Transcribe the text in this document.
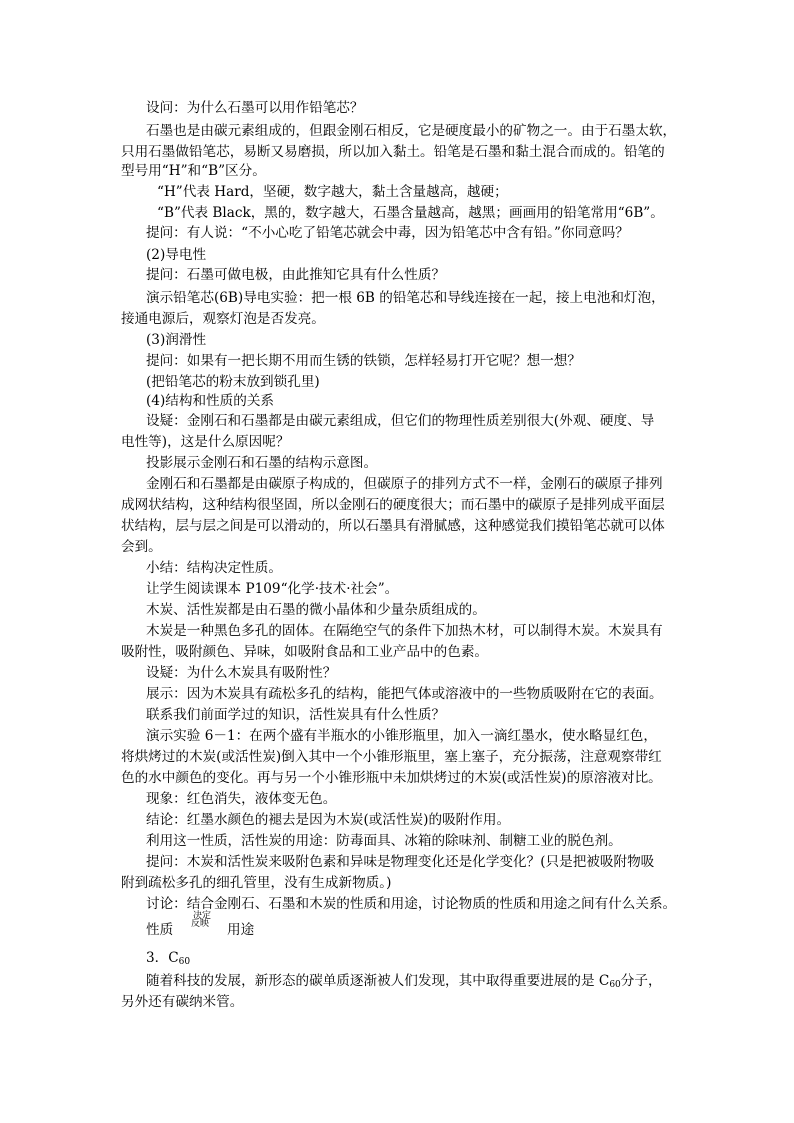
设问：为什么石墨可以用作铅笔芯？
石墨也是由碳元素组成的，但跟金刚石相反，它是硬度最小的矿物之一。由于石墨太软，
只用石墨做铅笔芯，易断又易磨损，所以加入黏土。铅笔是石墨和黏土混合而成的。铅笔的
型号用“H”和“B”区分。
“H”代表 Hard，坚硬，数字越大，黏土含量越高，越硬；
“B”代表 Black，黑的，数字越大，石墨含量越高，越黑；画画用的铅笔常用“6B”。
提问：有人说：“不小心吃了铅笔芯就会中毒，因为铅笔芯中含有铅。”你同意吗？
(2)导电性
提问：石墨可做电极，由此推知它具有什么性质？
演示铅笔芯(6B)导电实验：把一根 6B 的铅笔芯和导线连接在一起，接上电池和灯泡，
接通电源后，观察灯泡是否发亮。
(3)润滑性
提问：如果有一把长期不用而生锈的铁锁，怎样轻易打开它呢？想一想？
(把铅笔芯的粉末放到锁孔里)
(4)结构和性质的关系
设疑：金刚石和石墨都是由碳元素组成，但它们的物理性质差别很大(外观、硬度、导
电性等)，这是什么原因呢？
投影展示金刚石和石墨的结构示意图。
金刚石和石墨都是由碳原子构成的，但碳原子的排列方式不一样，金刚石的碳原子排列
成网状结构，这种结构很坚固，所以金刚石的硬度很大；而石墨中的碳原子是排列成平面层
状结构，层与层之间是可以滑动的，所以石墨具有滑腻感，这种感觉我们摸铅笔芯就可以体
会到。
小结：结构决定性质。
让学生阅读课本 P109“化学·技术·社会”。
木炭、活性炭都是由石墨的微小晶体和少量杂质组成的。
木炭是一种黑色多孔的固体。在隔绝空气的条件下加热木材，可以制得木炭。木炭具有
吸附性，吸附颜色、异味，如吸附食品和工业产品中的色素。
设疑：为什么木炭具有吸附性？
展示：因为木炭具有疏松多孔的结构，能把气体或溶液中的一些物质吸附在它的表面。
联系我们前面学过的知识，活性炭具有什么性质？
演示实验 6－1：在两个盛有半瓶水的小锥形瓶里，加入一滴红墨水，使水略显红色，
将烘烤过的木炭(或活性炭)倒入其中一个小锥形瓶里，塞上塞子，充分振荡，注意观察带红
色的水中颜色的变化。再与另一个小锥形瓶中未加烘烤过的木炭(或活性炭)的原溶液对比。
现象：红色消失，液体变无色。
结论：红墨水颜色的褪去是因为木炭(或活性炭)的吸附作用。
利用这一性质，活性炭的用途：防毒面具、冰箱的除味剂、制糖工业的脱色剂。
提问：木炭和活性炭来吸附色素和异味是物理变化还是化学变化？(只是把被吸附物吸
附到疏松多孔的细孔管里，没有生成新物质。)
讨论：结合金刚石、石墨和木炭的性质和用途，讨论物质的性质和用途之间有什么关系。
性质
决定
反映 用途
3．$C_{60}$
随着科技的发展，新形态的碳单质逐渐被人们发现，其中取得重要进展的是 $C_{60}$分子，
另外还有碳纳米管。
